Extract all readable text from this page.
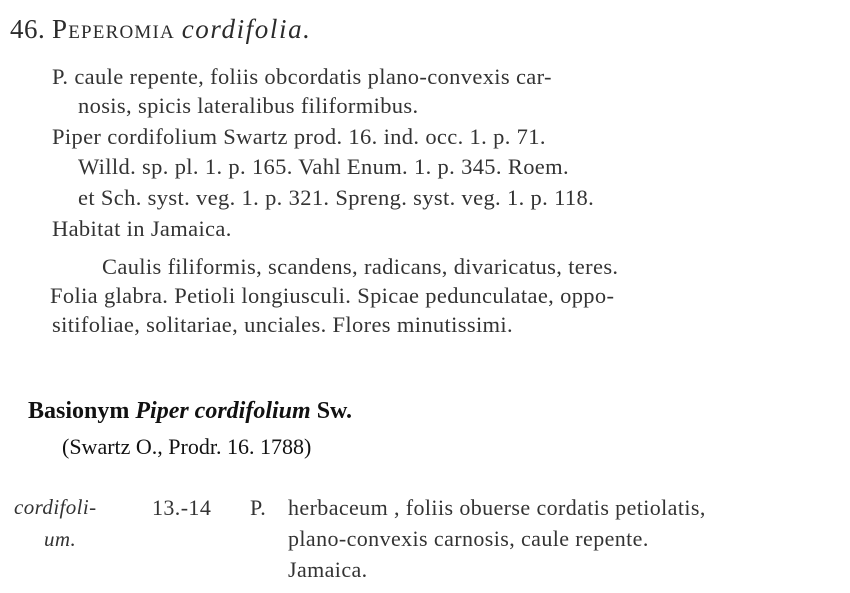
46. Peperomia cordifolia.
P. caule repente, foliis obcordatis plano-convexis car-
nosis, spicis lateralibus filiformibus.
Piper cordifolium Swartz prod. 16. ind. occ. 1. p. 71.
Willd. sp. pl. 1. p. 165. Vahl Enum. 1. p. 345. Roem.
et Sch. syst. veg. 1. p. 321. Spreng. syst. veg. 1. p. 118.
Habitat in Jamaica.
Caulis filiformis, scandens, radicans, divaricatus, teres.
Folia glabra. Petioli longiusculi. Spicae pedunculatae, oppo-
sitifoliae, solitariae, unciales. Flores minutissimi.
Basionym Piper cordifolium Sw.
(Swartz O., Prodr. 16. 1788)
cordifoli-
um.
13.-14 P. herbaceum , foliis obuerse cordatis petiolatis,
plano-convexis carnosis, caule repente.
Jamaica.
